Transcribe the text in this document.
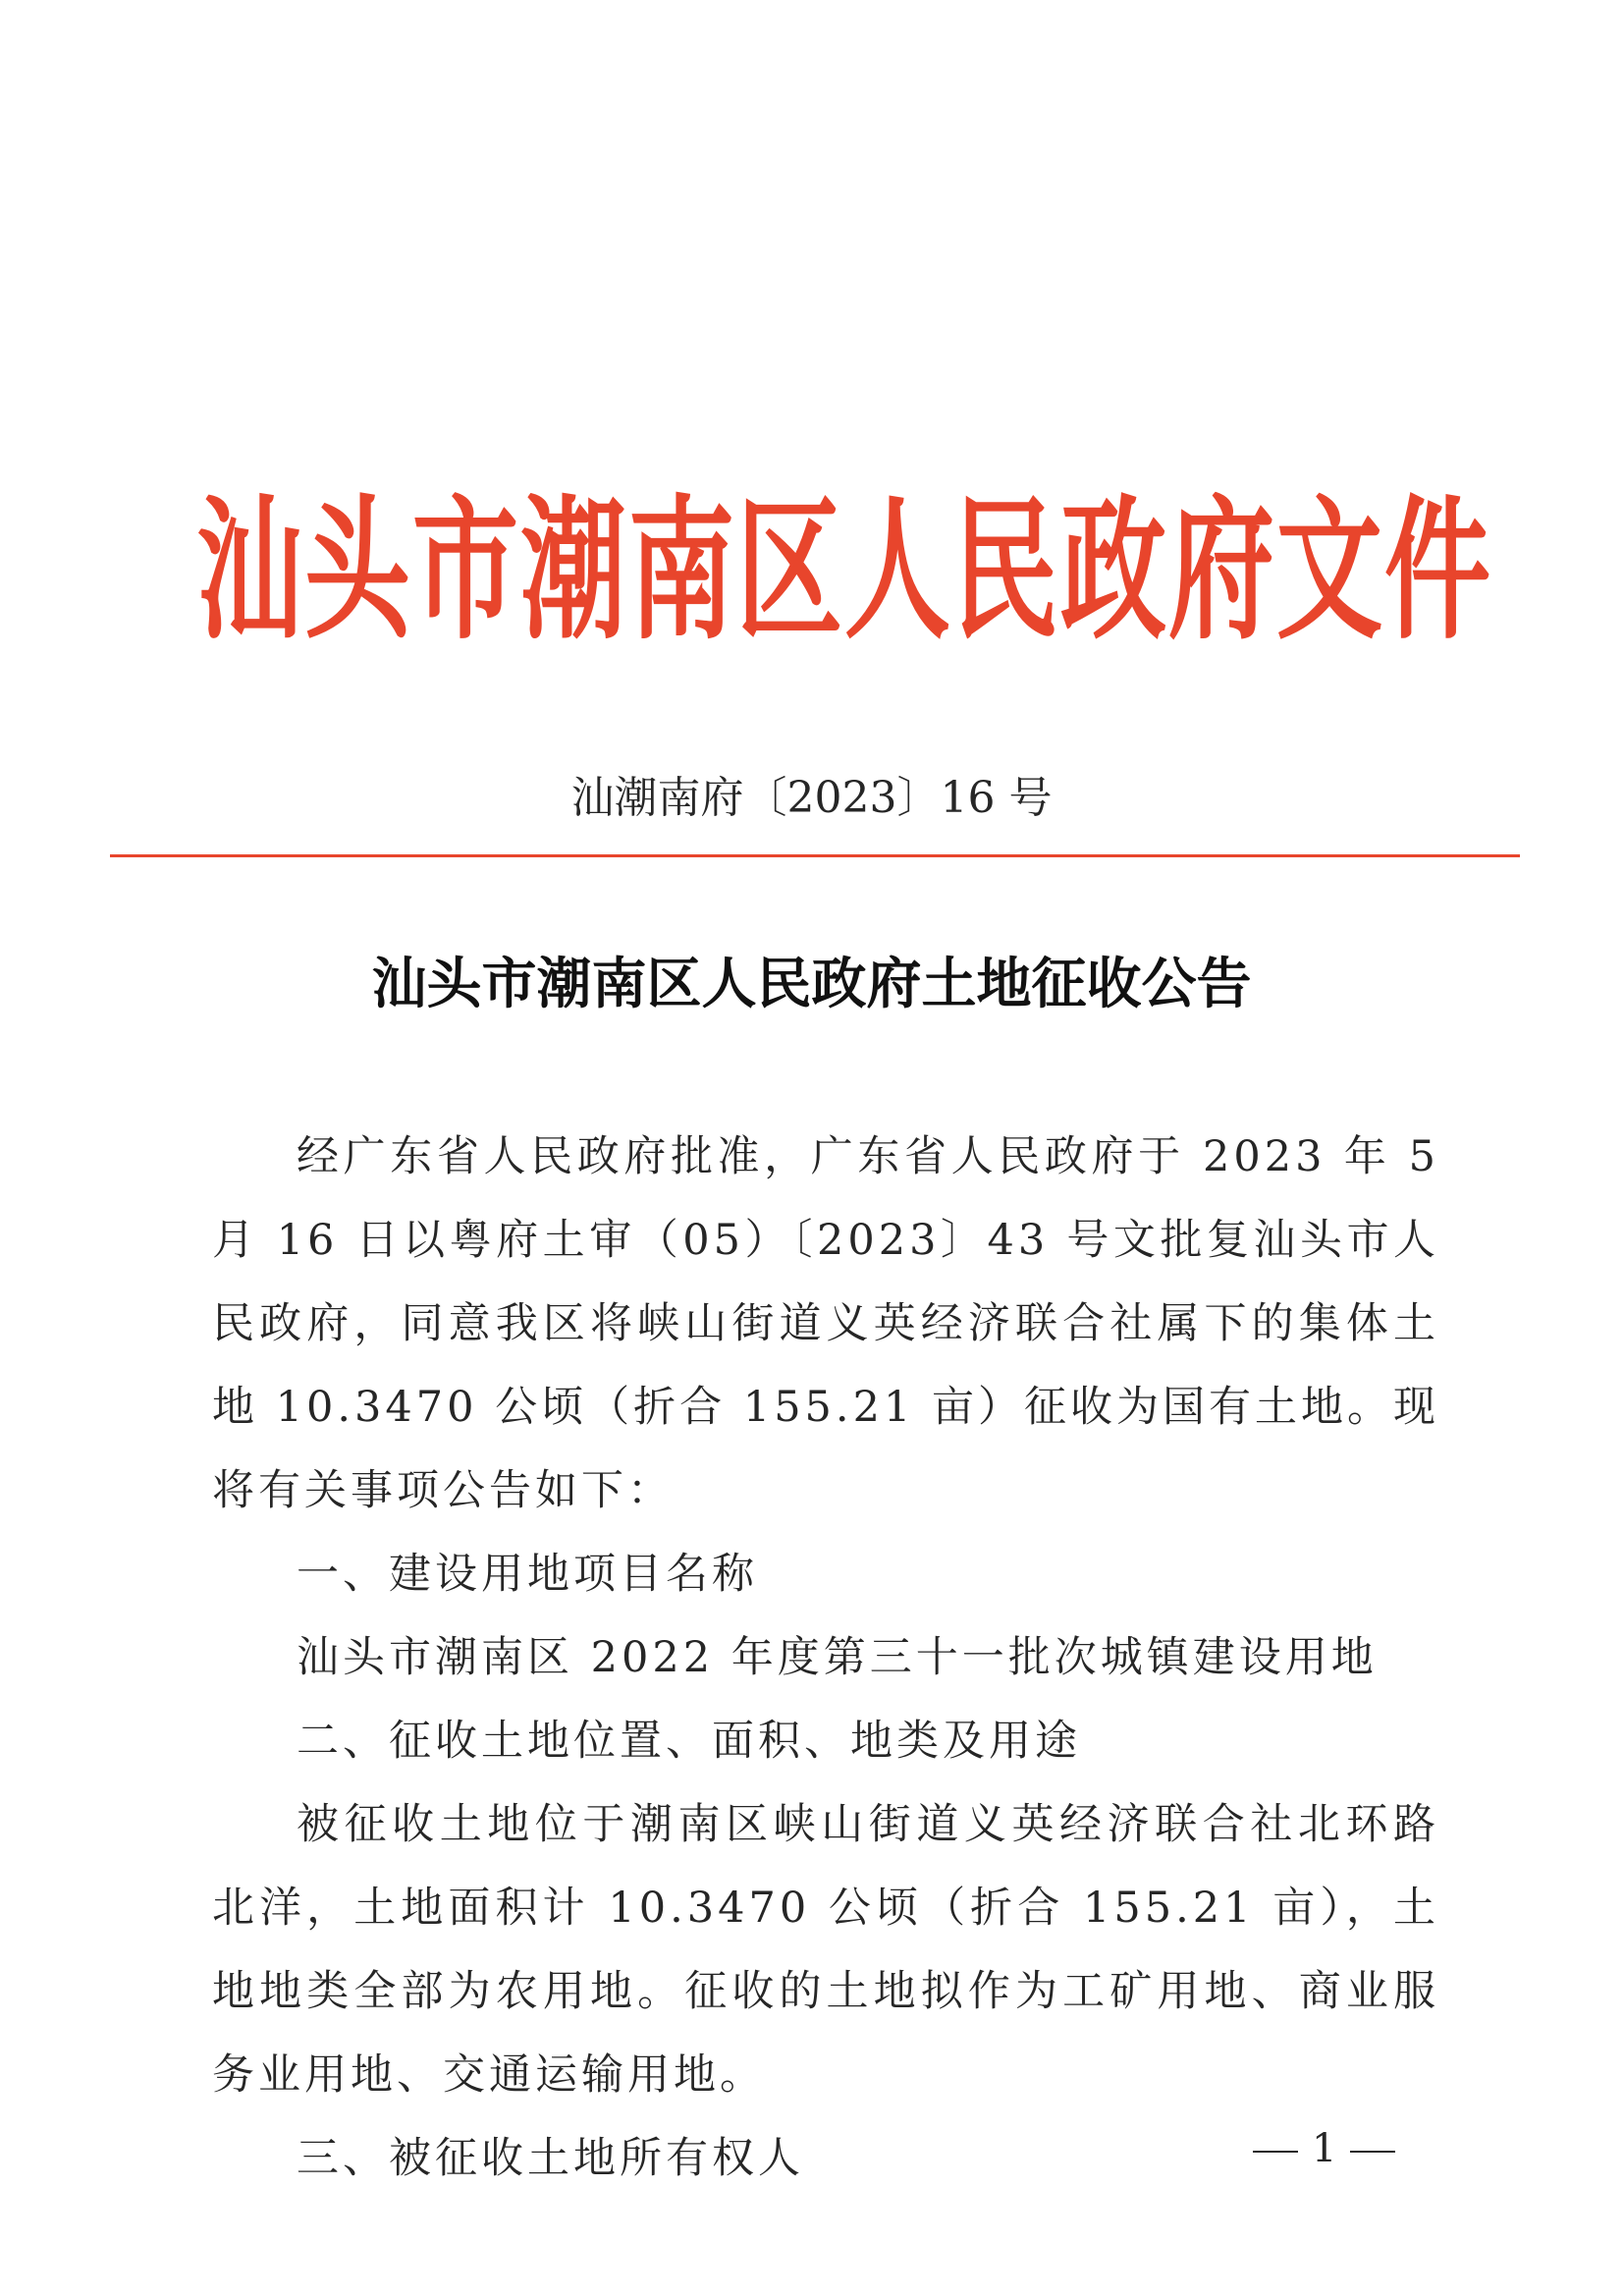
汕头市潮南区人民政府文件
汕潮南府〔2023〕16 号
汕头市潮南区人民政府土地征收公告

经广东省人民政府批准，广东省人民政府于 2023 年 5 月 16 日以粤府土审（05）〔2023〕43 号文批复汕头市人民政府，同意我区将峡山街道义英经济联合社属下的集体土地 10.3470 公顷（折合 155.21 亩）征收为国有土地。现将有关事项公告如下：

一、建设用地项目名称

汕头市潮南区 2022 年度第三十一批次城镇建设用地

二、征收土地位置、面积、地类及用途

被征收土地位于潮南区峡山街道义英经济联合社北环路北洋，土地面积计 10.3470 公顷（折合 155.21 亩），土地地类全部为农用地。征收的土地拟作为工矿用地、商业服务业用地、交通运输用地。

三、被征收土地所有权人	1
